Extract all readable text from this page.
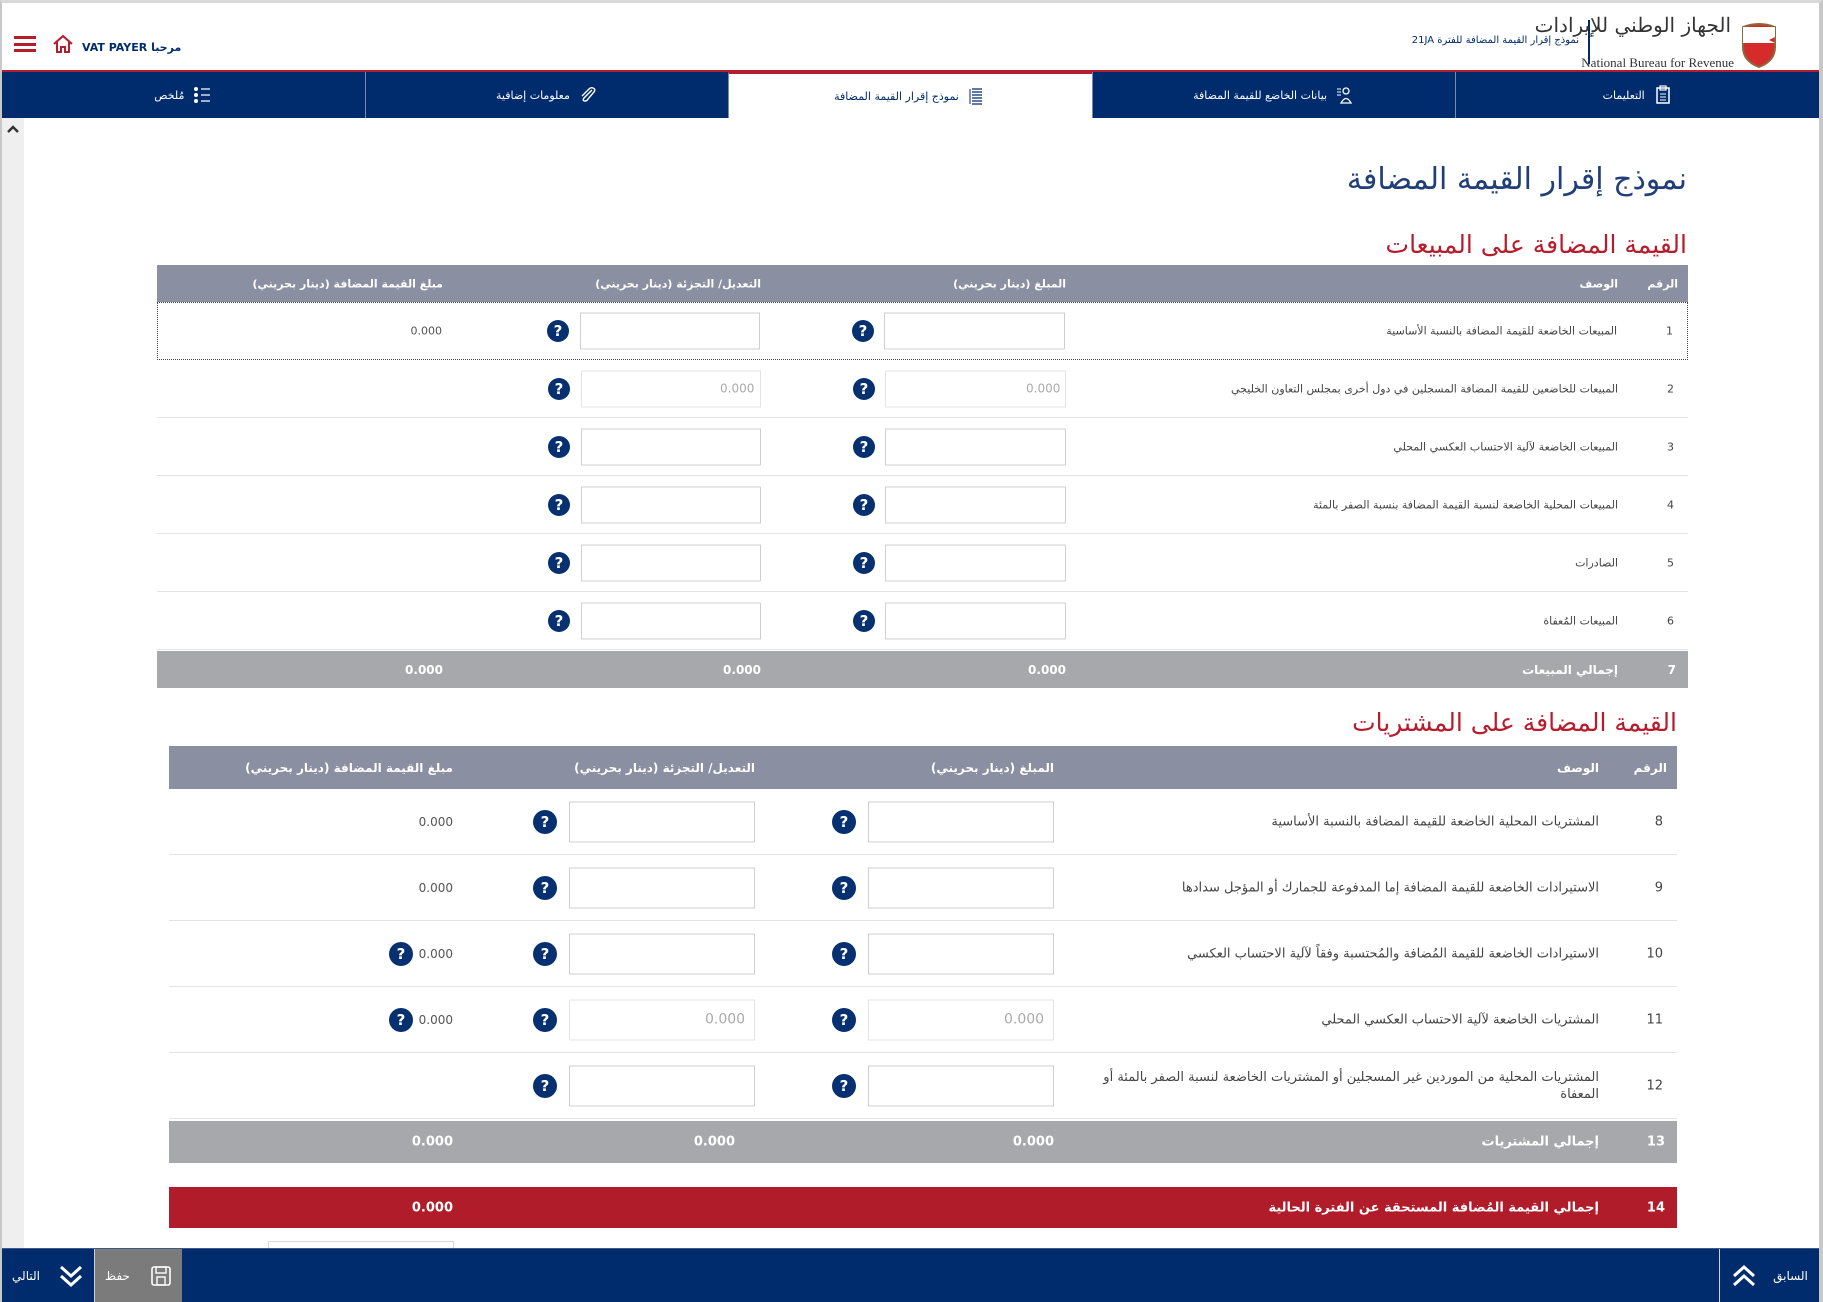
مرحبا VAT PAYER
نموذج إقرار القيمة المضافة للفترة 21JA
الجهاز الوطني للإيرادات
National Bureau for Revenue
التعليمات
بيانات الخاضع للقيمة المضافة
نموذج إقرار القيمة المضافة
معلومات إضافية
مُلخص
نموذج إقرار القيمة المضافة
القيمة المضافة على المبيعات
الرقم
الوصف
المبلغ (دينار بحريني)
التعديل/ التجزئة (دينار بحريني)
مبلغ القيمة المضافة (دينار بحريني)
1
المبيعات الخاضعة للقيمة المضافة بالنسبة الأساسية
?
?
0.000
2
المبيعات للخاضعين للقيمة المضافة المسجلين في دول أخرى بمجلس التعاون الخليجي
0.000
?
0.000
?
3
المبيعات الخاضعة لآلية الاحتساب العكسي المحلي
?
?
4
المبيعات المحلية الخاضعة لنسبة القيمة المضافة بنسبة الصفر بالمئة
?
?
5
الصادرات
?
?
6
المبيعات المُعفاة
?
?
7
إجمالي المبيعات
0.000
0.000
0.000
القيمة المضافة على المشتريات
الرقم
الوصف
المبلغ (دينار بحريني)
التعديل/ التجزئة (دينار بحريني)
مبلغ القيمة المضافة (دينار بحريني)
8
المشتريات المحلية الخاضعة للقيمة المضافة بالنسبة الأساسية
?
?
0.000
9
الاستيرادات الخاضعة للقيمة المضافة إما المدفوعة للجمارك أو المؤجل سدادها
?
?
0.000
10
الاستيرادات الخاضعة للقيمة المُضافة والمُحتسبة وفقاً لآلية الاحتساب العكسي
?
?
0.000
?
11
المشتريات الخاضعة لآلية الاحتساب العكسي المحلي
0.000
?
0.000
?
0.000
?
12
المشتريات المحلية من الموردين غير المسجلين أو المشتريات الخاضعة لنسبة الصفر بالمئة أو
المعفاة
?
?
13
إجمالي المشتريات
0.000
0.000
0.000
14
إجمالي القيمة المُضافة المستحقة عن الفترة الحالية
0.000
التالي	حفظ	السابق
